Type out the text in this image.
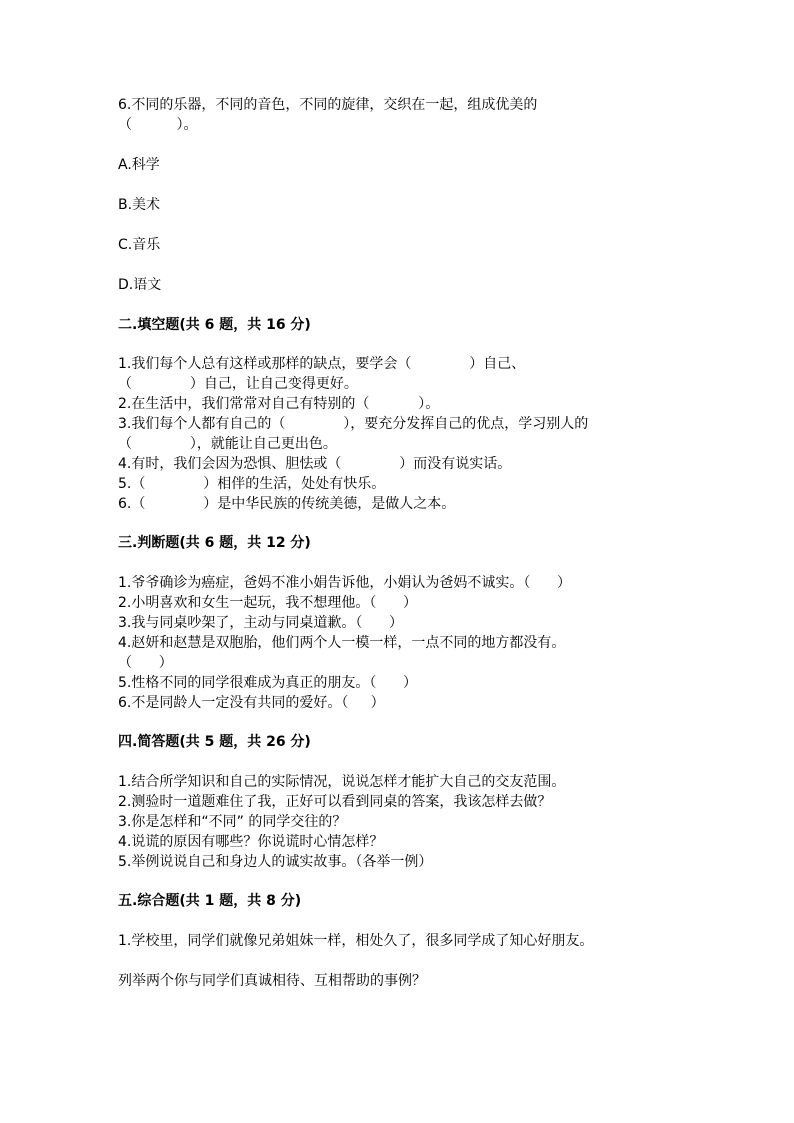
6.不同的乐器，不同的音色，不同的旋律，交织在一起，组成优美的
（          ）。
A.科学
B.美术
C.音乐
D.语文
二.填空题(共 6 题，共 16 分)
1.我们每个人总有这样或那样的缺点，要学会（             ）自己、
（             ）自己，让自己变得更好。
2.在生活中，我们常常对自己有特别的（           ）。
3.我们每个人都有自己的（             ），要充分发挥自己的优点，学习别人的
（             ），就能让自己更出色。
4.有时，我们会因为恐惧、胆怯或（             ）而没有说实话。
5.（             ）相伴的生活，处处有快乐。
6.（             ）是中华民族的传统美德，是做人之本。
三.判断题(共 6 题，共 12 分)
1.爷爷确诊为癌症，爸妈不准小娟告诉他，小娟认为爸妈不诚实。（      ）
2.小明喜欢和女生一起玩，我不想理他。（      ）
3.我与同桌吵架了，主动与同桌道歉。（      ）
4.赵妍和赵慧是双胞胎，他们两个人一模一样，一点不同的地方都没有。
（      ）
5.性格不同的同学很难成为真正的朋友。（      ）
6.不是同龄人一定没有共同的爱好。（     ）
四.简答题(共 5 题，共 26 分)
1.结合所学知识和自己的实际情况，说说怎样才能扩大自己的交友范围。
2.测验时一道题难住了我，正好可以看到同桌的答案，我该怎样去做？
3.你是怎样和“不同” 的同学交往的？
4.说谎的原因有哪些？你说谎时心情怎样？
5.举例说说自己和身边人的诚实故事。（各举一例）
五.综合题(共 1 题，共 8 分)
1.学校里，同学们就像兄弟姐妹一样，相处久了，很多同学成了知心好朋友。
列举两个你与同学们真诚相待、互相帮助的事例？
